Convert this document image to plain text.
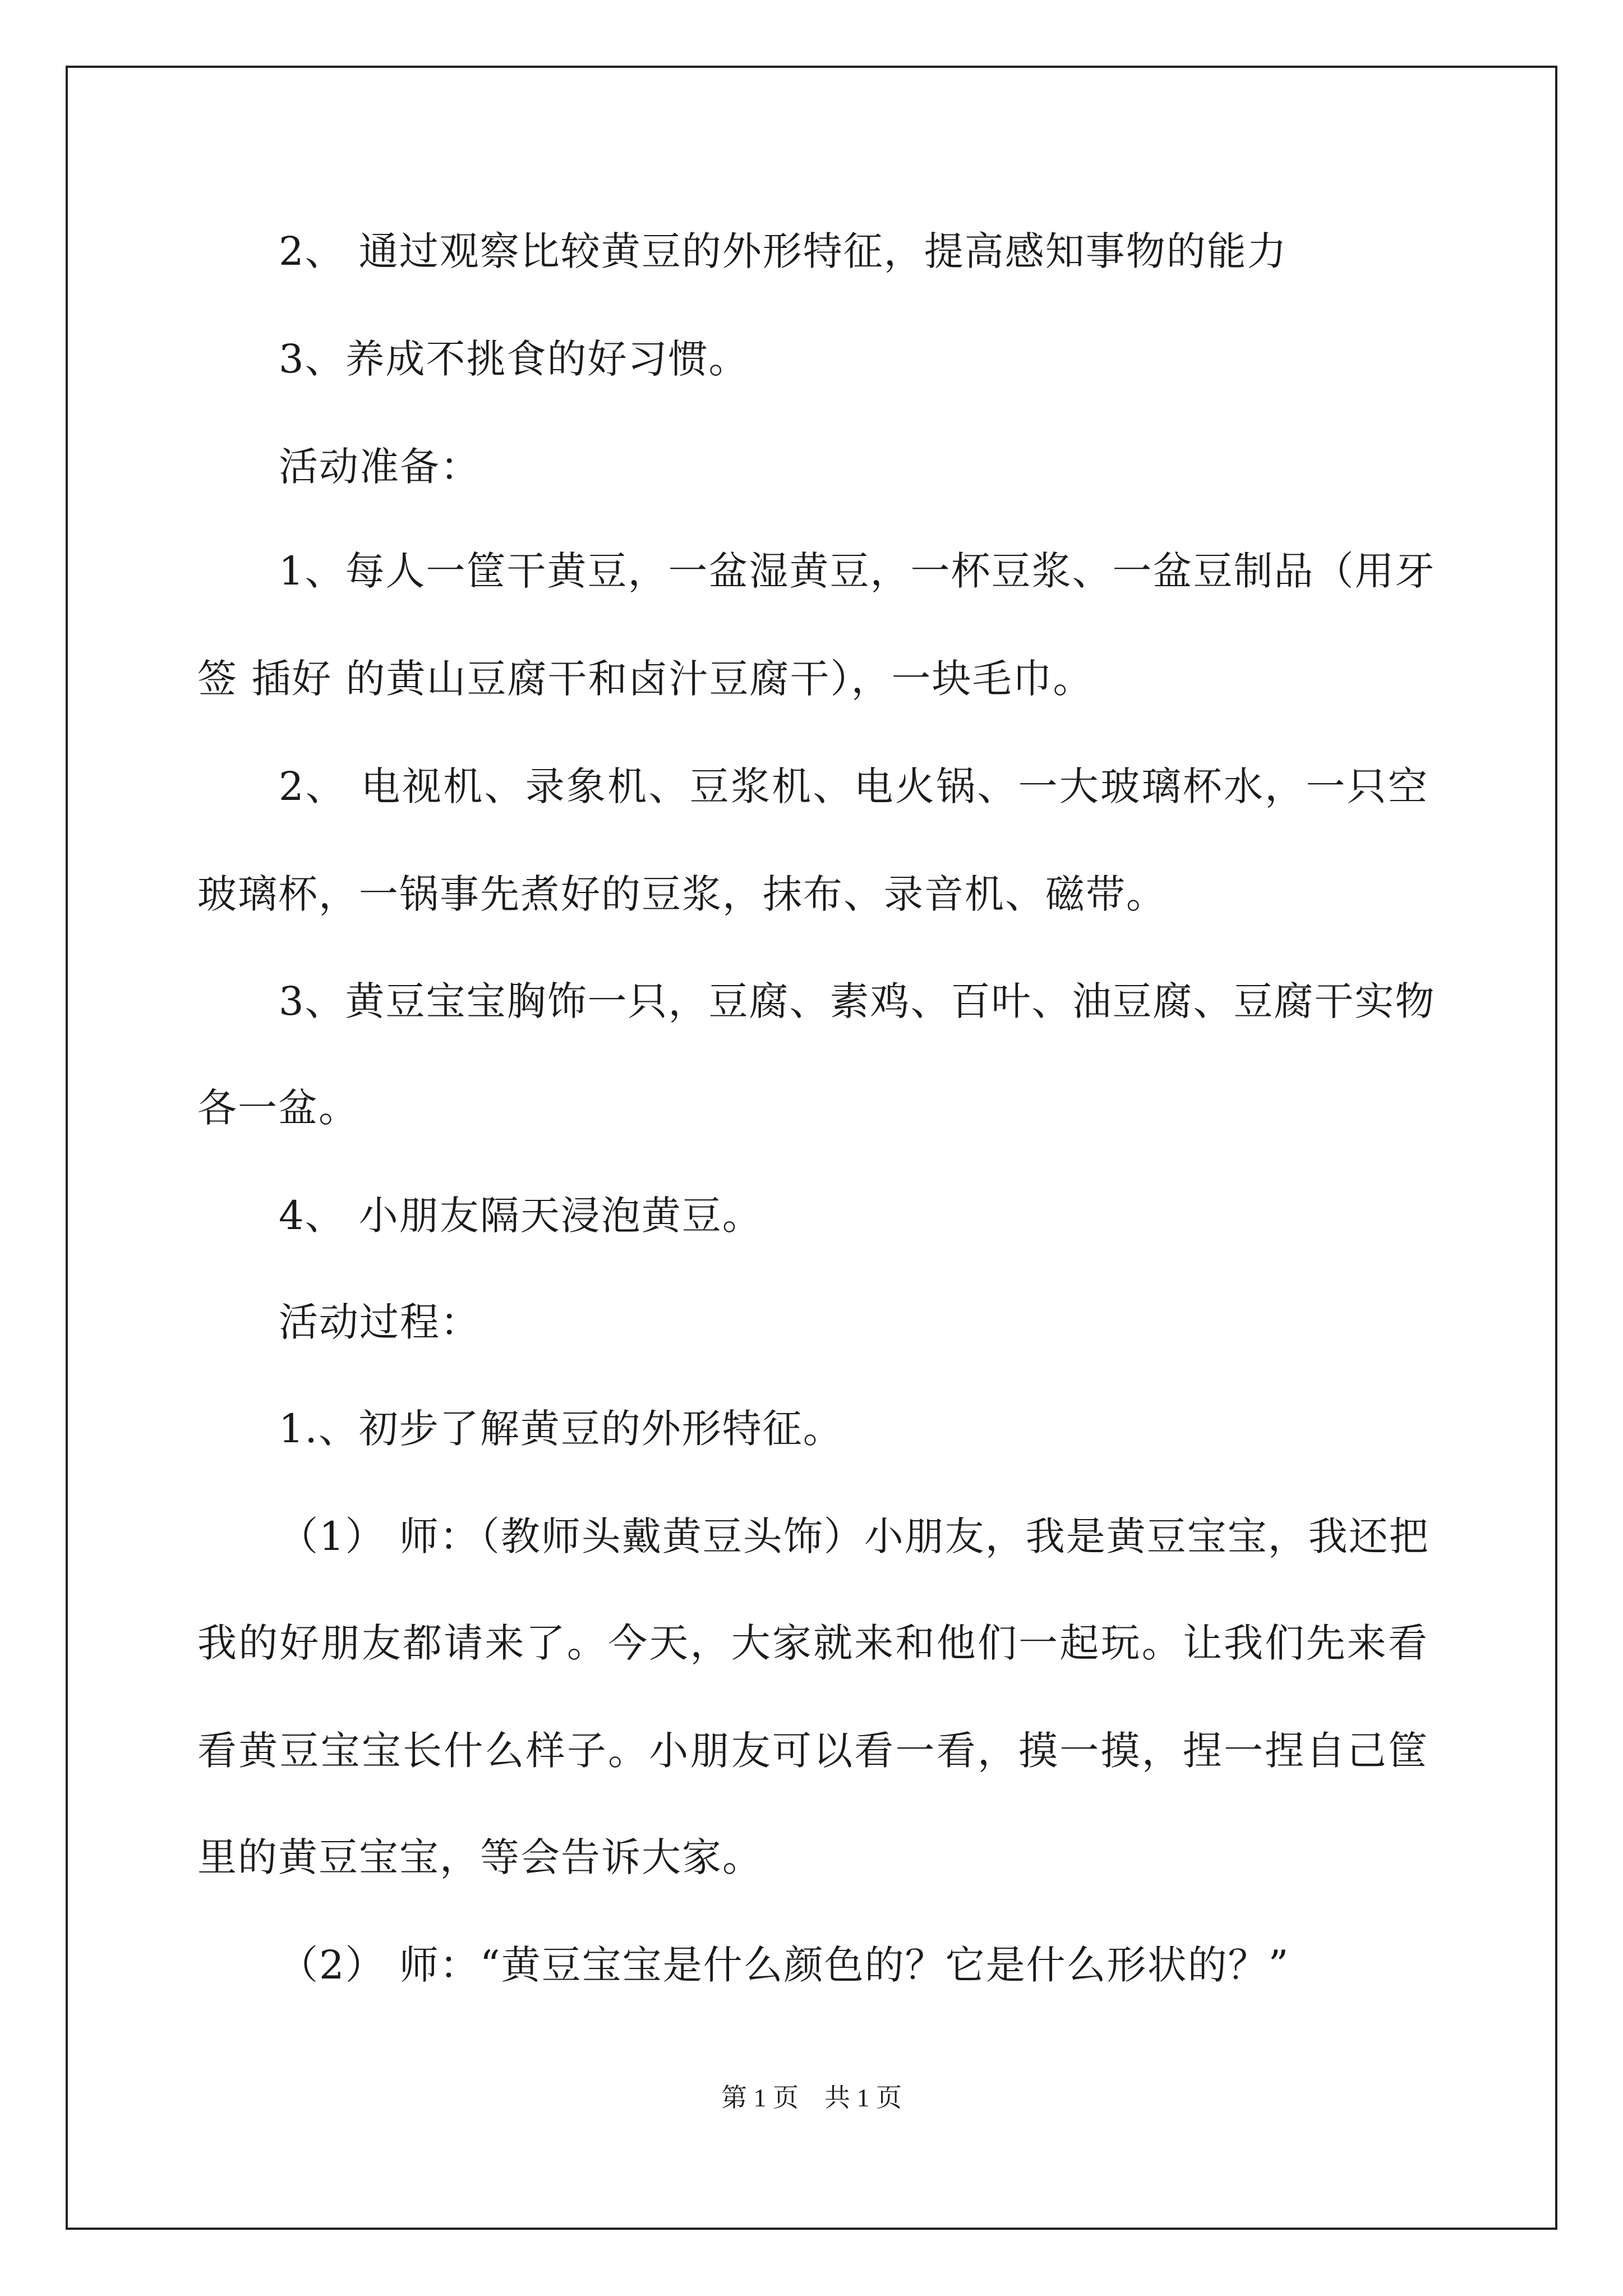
2、 通过观察比较黄豆的外形特征，提高感知事物的能力
3、养成不挑食的好习惯。
活动准备：
1、每人一筐干黄豆，一盆湿黄豆，一杯豆浆、一盆豆制品（用牙
签 插好 的黄山豆腐干和卤汁豆腐干），一块毛巾。
2、 电视机、录象机、豆浆机、电火锅、一大玻璃杯水，一只空
玻璃杯，一锅事先煮好的豆浆，抹布、录音机、磁带。
3、黄豆宝宝胸饰一只，豆腐、素鸡、百叶、油豆腐、豆腐干实物
各一盆。
4、 小朋友隔天浸泡黄豆。
活动过程：
1.、初步了解黄豆的外形特征。
（1） 师：（教师头戴黄豆头饰）小朋友，我是黄豆宝宝，我还把
我的好朋友都请来了。今天，大家就来和他们一起玩。让我们先来看
看黄豆宝宝长什么样子。小朋友可以看一看，摸一摸，捏一捏自己筐
里的黄豆宝宝，等会告诉大家。
（2） 师：“黄豆宝宝是什么颜色的？它是什么形状的？”
第 1 页　共 1 页
